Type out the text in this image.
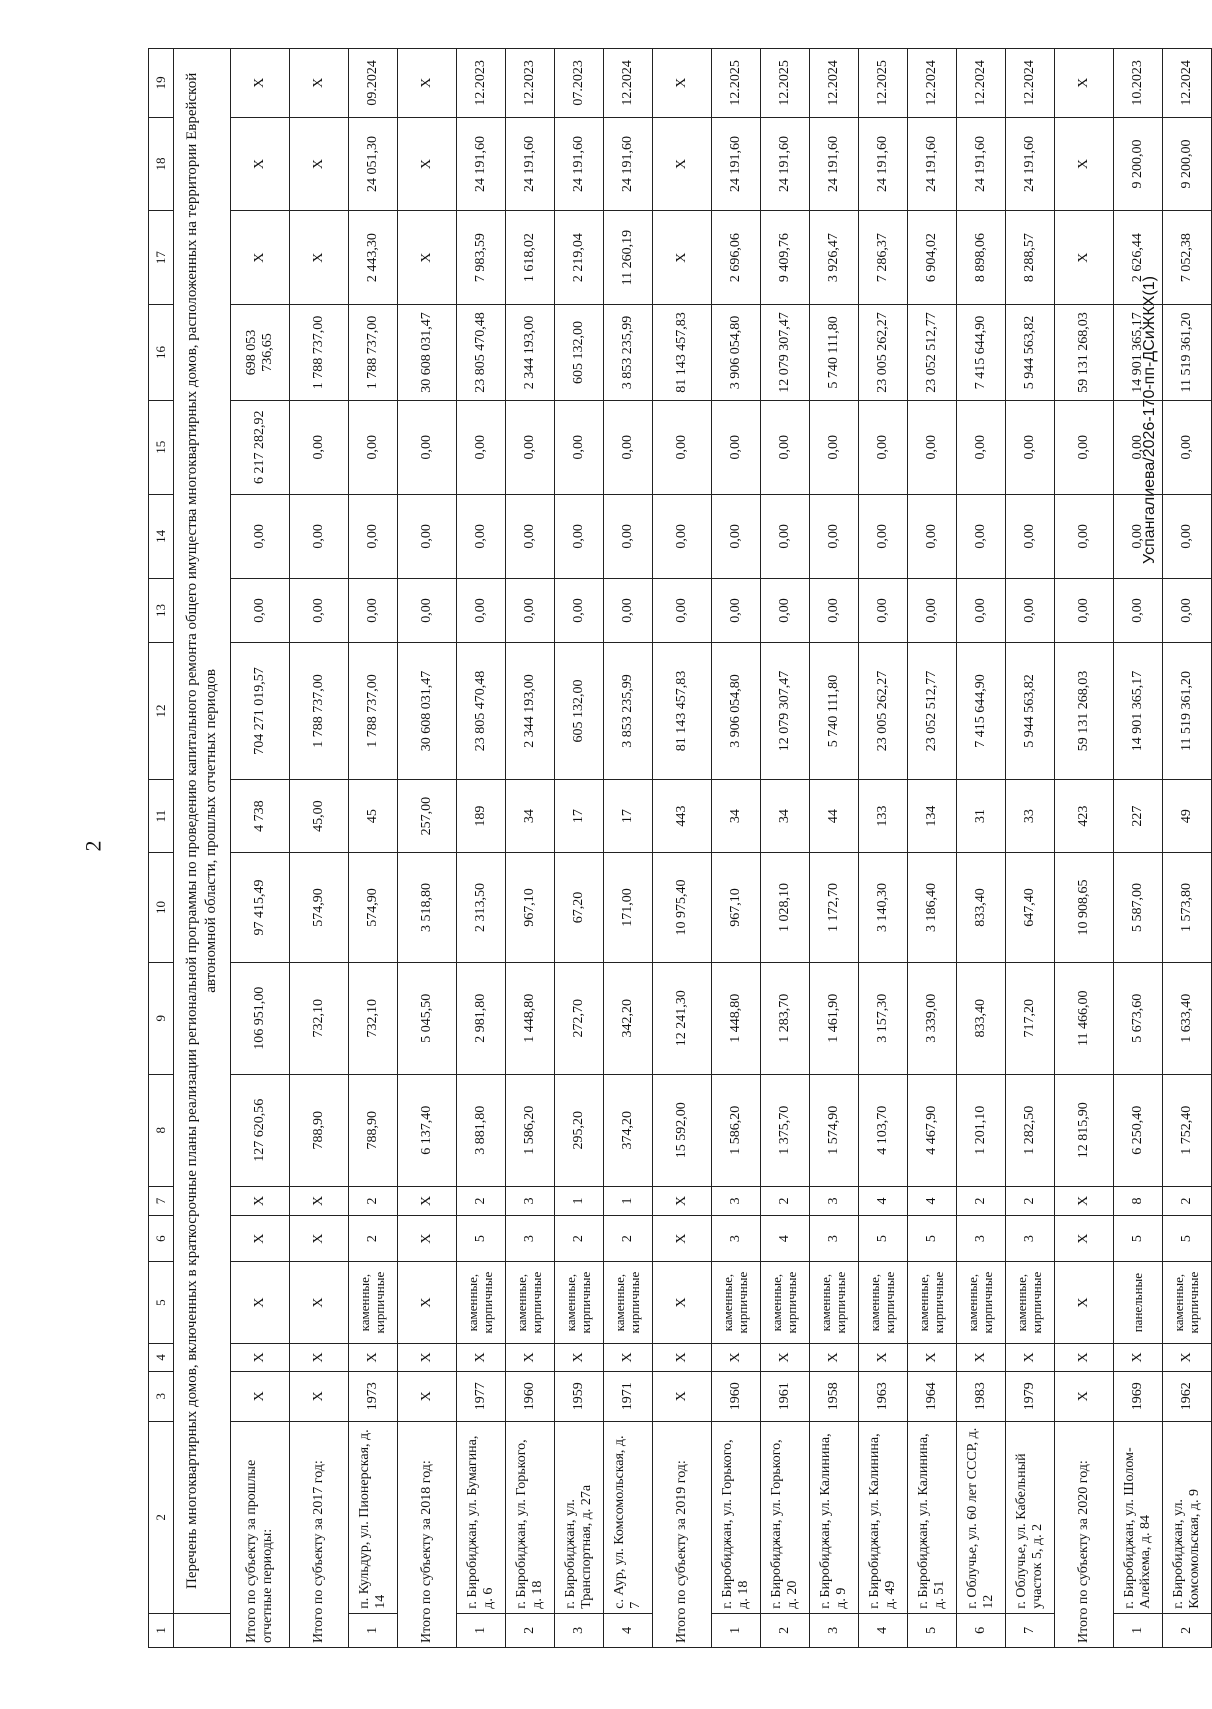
2
Успангалиева/2026-170-пп-ДСиЖКХ(1)
1	2	3	4	5	6	7	8	9	10	11	12	13	14	15	16	17	18	19
	Перечень многоквартирных домов, включенных в краткосрочные планы реализации региональной программы по проведению капитального ремонта общего имущества многоквартирных домов, расположенных на территории Еврейской автономной области, прошлых отчетных периодов																	
Итого по субъекту за прошлые отчетные периоды:		Х	Х	Х	Х	Х	127 620,56	106 951,00	97 415,49	4 738	704 271 019,57	0,00	0,00	6 217 282,92	698 053 736,65	Х	Х	Х
Итого по субъекту за 2017 год:		Х	Х	Х	Х	Х	788,90	732,10	574,90	45,00	1 788 737,00	0,00	0,00	0,00	1 788 737,00	Х	Х	Х
1	п. Кульдур, ул. Пионерская, д. 14	1973	Х	каменные, кирпичные	2	2	788,90	732,10	574,90	45	1 788 737,00	0,00	0,00	0,00	1 788 737,00	2 443,30	24 051,30	09.2024
Итого по субъекту за 2018 год:		Х	Х	Х	Х	Х	6 137,40	5 045,50	3 518,80	257,00	30 608 031,47	0,00	0,00	0,00	30 608 031,47	Х	Х	Х
1	г. Биробиджан, ул. Бумагина, д. 6	1977	Х	каменные, кирпичные	5	2	3 881,80	2 981,80	2 313,50	189	23 805 470,48	0,00	0,00	0,00	23 805 470,48	7 983,59	24 191,60	12.2023
2	г. Биробиджан, ул. Горького, д. 18	1960	Х	каменные, кирпичные	3	3	1 586,20	1 448,80	967,10	34	2 344 193,00	0,00	0,00	0,00	2 344 193,00	1 618,02	24 191,60	12.2023
3	г. Биробиджан, ул. Транспортная, д. 27а	1959	Х	каменные, кирпичные	2	1	295,20	272,70	67,20	17	605 132,00	0,00	0,00	0,00	605 132,00	2 219,04	24 191,60	07.2023
4	с. Аур, ул. Комсомольская, д. 7	1971	Х	каменные, кирпичные	2	1	374,20	342,20	171,00	17	3 853 235,99	0,00	0,00	0,00	3 853 235,99	11 260,19	24 191,60	12.2024
Итого по субъекту за 2019 год:		Х	Х	Х	Х	Х	15 592,00	12 241,30	10 975,40	443	81 143 457,83	0,00	0,00	0,00	81 143 457,83	Х	Х	Х
1	г. Биробиджан, ул. Горького, д. 18	1960	Х	каменные, кирпичные	3	3	1 586,20	1 448,80	967,10	34	3 906 054,80	0,00	0,00	0,00	3 906 054,80	2 696,06	24 191,60	12.2025
2	г. Биробиджан, ул. Горького, д. 20	1961	Х	каменные, кирпичные	4	2	1 375,70	1 283,70	1 028,10	34	12 079 307,47	0,00	0,00	0,00	12 079 307,47	9 409,76	24 191,60	12.2025
3	г. Биробиджан, ул. Калинина, д. 9	1958	Х	каменные, кирпичные	3	3	1 574,90	1 461,90	1 172,70	44	5 740 111,80	0,00	0,00	0,00	5 740 111,80	3 926,47	24 191,60	12.2024
4	г. Биробиджан, ул. Калинина, д. 49	1963	Х	каменные, кирпичные	5	4	4 103,70	3 157,30	3 140,30	133	23 005 262,27	0,00	0,00	0,00	23 005 262,27	7 286,37	24 191,60	12.2025
5	г. Биробиджан, ул. Калинина, д. 51	1964	Х	каменные, кирпичные	5	4	4 467,90	3 339,00	3 186,40	134	23 052 512,77	0,00	0,00	0,00	23 052 512,77	6 904,02	24 191,60	12.2024
6	г. Облучье, ул. 60 лет СССР, д. 12	1983	Х	каменные, кирпичные	3	2	1 201,10	833,40	833,40	31	7 415 644,90	0,00	0,00	0,00	7 415 644,90	8 898,06	24 191,60	12.2024
7	г. Облучье, ул. Кабельный участок 5, д. 2	1979	Х	каменные, кирпичные	3	2	1 282,50	717,20	647,40	33	5 944 563,82	0,00	0,00	0,00	5 944 563,82	8 288,57	24 191,60	12.2024
Итого по субъекту за 2020 год:		Х	Х	Х	Х	Х	12 815,90	11 466,00	10 908,65	423	59 131 268,03	0,00	0,00	0,00	59 131 268,03	Х	Х	Х
1	г. Биробиджан, ул. Шолом-Алейхема, д. 84	1969	Х	панельные	5	8	6 250,40	5 673,60	5 587,00	227	14 901 365,17	0,00	0,00	0,00	14 901 365,17	2 626,44	9 200,00	10.2023
2	г. Биробиджан, ул. Комсомольская, д. 9	1962	Х	каменные, кирпичные	5	2	1 752,40	1 633,40	1 573,80	49	11 519 361,20	0,00	0,00	0,00	11 519 361,20	7 052,38	9 200,00	12.2024
